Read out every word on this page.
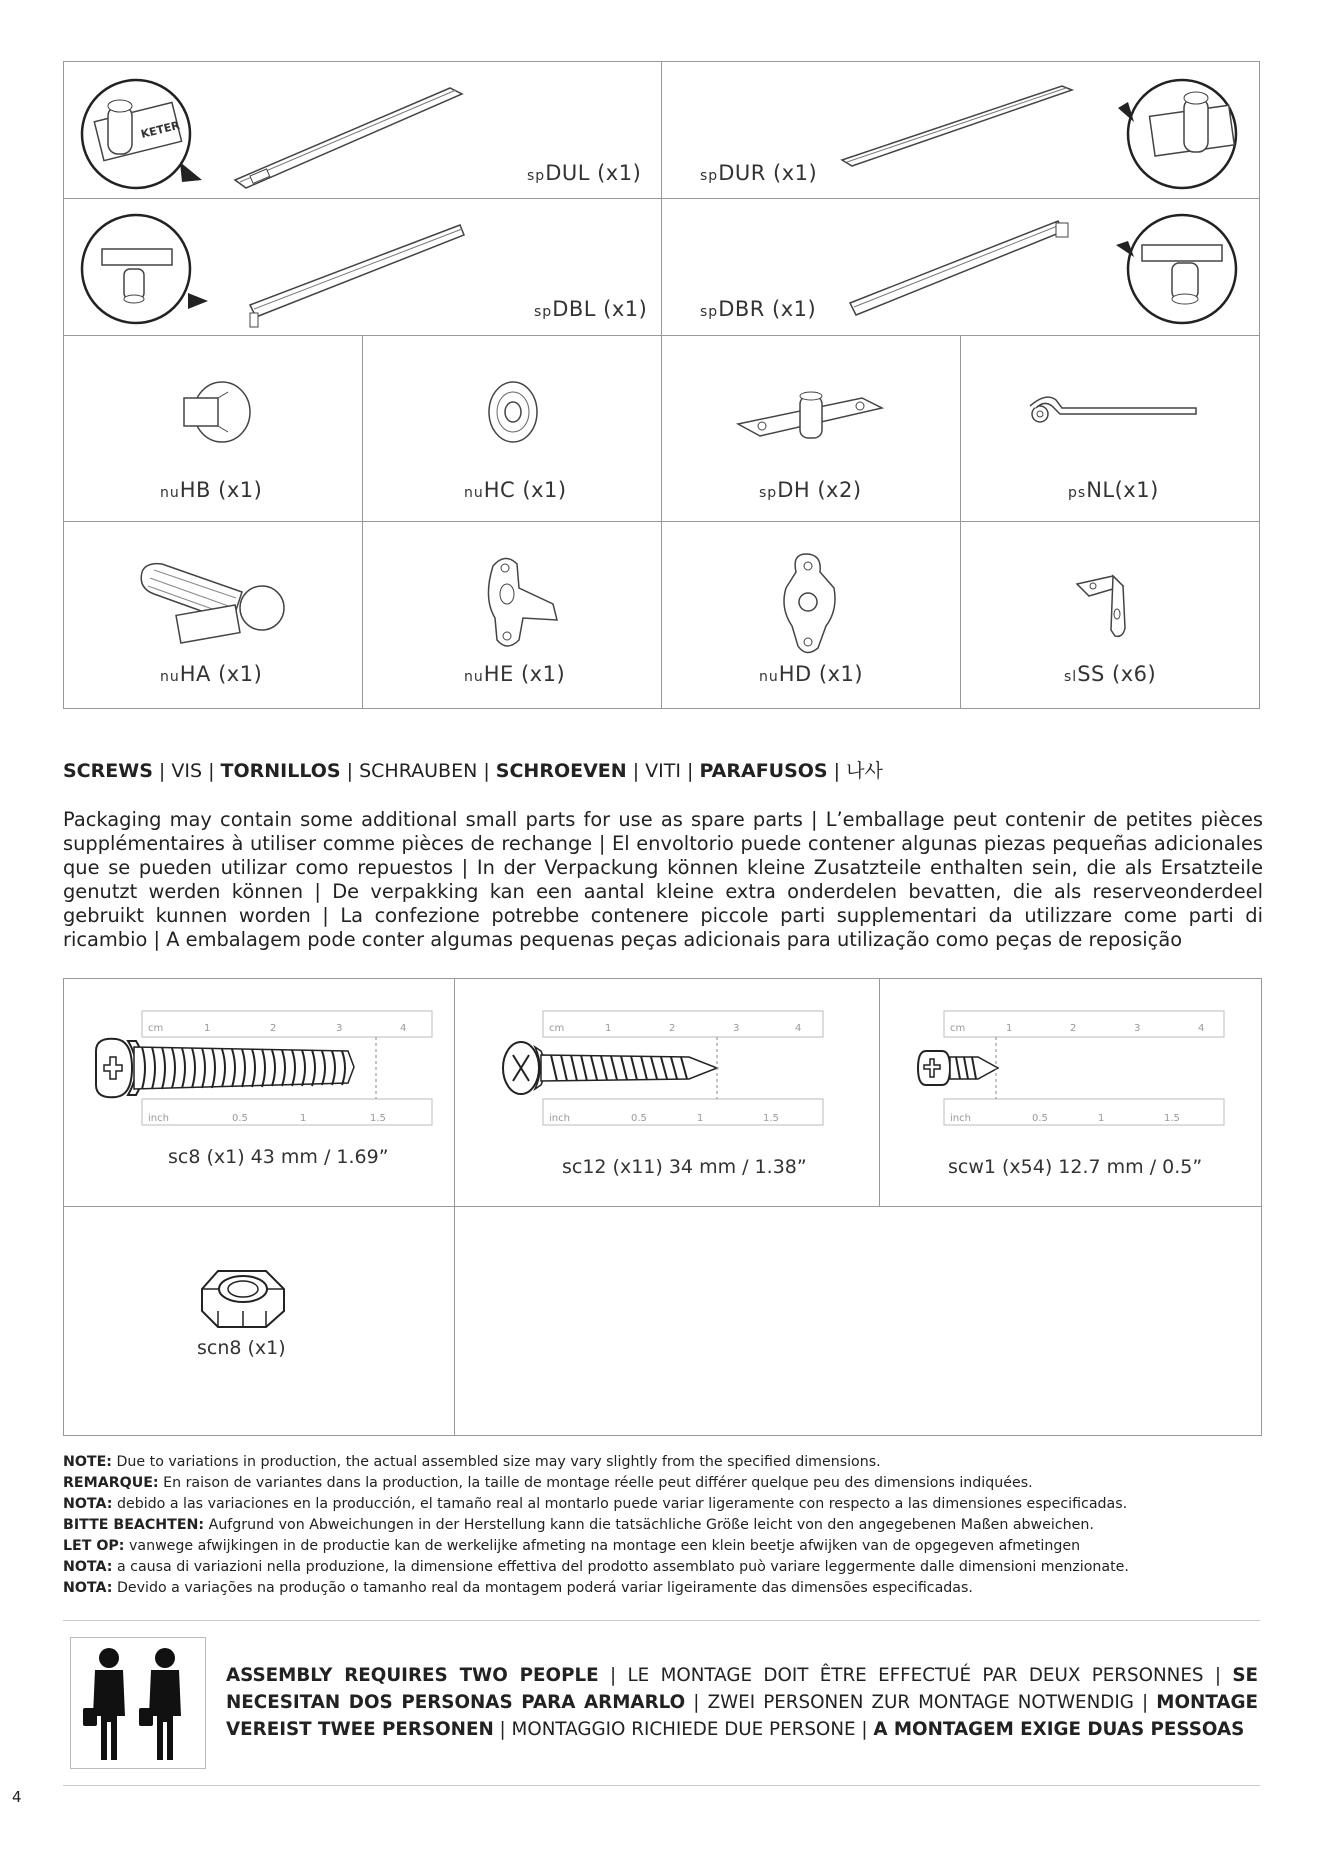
KETER
spDUL (x1)	spDUR (x1)
spDBL (x1)	spDBR (x1)
nuHB (x1)	nuHC (x1)	spDH (x2)	psNL(x1)
nuHA (x1)	nuHE (x1)	nuHD (x1)	slSS (x6)
SCREWS | VIS | TORNILLOS | SCHRAUBEN | SCHROEVEN | VITI | PARAFUSOS | 나사
Packaging may contain some additional small parts for use as spare parts | L’emballage peut contenir de petites pièces supplémentaires à utiliser comme pièces de rechange | El envoltorio puede contener algunas piezas pequeñas adicionales que se pueden utilizar como repuestos | In der Verpackung können kleine Zusatzteile enthalten sein, die als Ersatzteile genutzt werden können | De verpakking kan een aantal kleine extra onderdelen bevatten, die als reserveonderdeel gebruikt kunnen worden | La confezione potrebbe contenere piccole parti supplementari da utilizzare come parti di ricambio | A embalagem pode conter algumas pequenas peças adicionais para utilização como peças de reposição
cm	1	2	3	4
inch	0.5	1	1.5
sc8 (x1) 43 mm / 1.69”
cm	1	2	3	4
inch	0.5	1	1.5
sc12 (x11) 34 mm / 1.38”
cm	1	2	3	4
inch	0.5	1	1.5
scw1 (x54) 12.7 mm / 0.5”
scn8 (x1)
NOTE: Due to variations in production, the actual assembled size may vary slightly from the specified dimensions.
REMARQUE: En raison de variantes dans la production, la taille de montage réelle peut différer quelque peu des dimensions indiquées.
NOTA: debido a las variaciones en la producción, el tamaño real al montarlo puede variar ligeramente con respecto a las dimensiones especificadas.
BITTE BEACHTEN: Aufgrund von Abweichungen in der Herstellung kann die tatsächliche Größe leicht von den angegebenen Maßen abweichen.
LET OP: vanwege afwijkingen in de productie kan de werkelijke afmeting na montage een klein beetje afwijken van de opgegeven afmetingen
NOTA: a causa di variazioni nella produzione, la dimensione effettiva del prodotto assemblato può variare leggermente dalle dimensioni menzionate.
NOTA: Devido a variações na produção o tamanho real da montagem poderá variar ligeiramente das dimensões especificadas.
ASSEMBLY REQUIRES TWO PEOPLE | LE MONTAGE DOIT ÊTRE EFFECTUÉ PAR DEUX PERSONNES | SE NECESITAN DOS PERSONAS PARA ARMARLO | ZWEI PERSONEN ZUR MONTAGE NOTWENDIG | MONTAGE VEREIST TWEE PERSONEN | MONTAGGIO RICHIEDE DUE PERSONE | A MONTAGEM EXIGE DUAS PESSOAS
4
